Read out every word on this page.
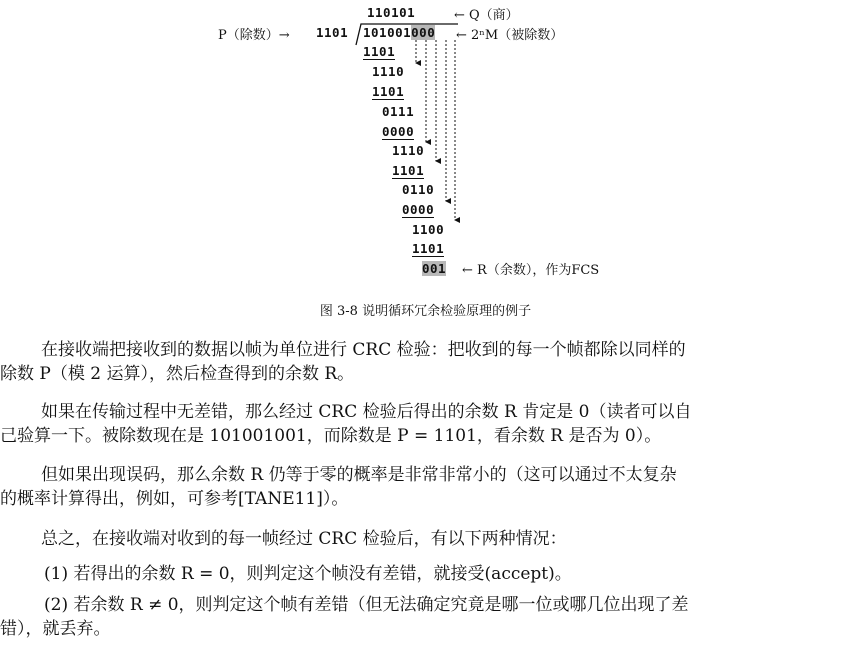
110101	← Q（商）
P（除数）→ 1101 101001000 ← 2ⁿM（被除数）
1101
1110
1101
0111
0000
1110
1101
0110
0000
1100
1101
001 ← R（余数），作为FCS
图 3-8 说明循环冗余检验原理的例子
　在接收端把接收到的数据以帧为单位进行 CRC 检验：把收到的每一个帧都除以同样的
除数 P（模 2 运算），然后检查得到的余数 R。
　如果在传输过程中无差错，那么经过 CRC 检验后得出的余数 R 肯定是 0（读者可以自
己验算一下。被除数现在是 101001001，而除数是 P = 1101，看余数 R 是否为 0）。
　但如果出现误码，那么余数 R 仍等于零的概率是非常非常小的（这可以通过不太复杂
的概率计算得出，例如，可参考[TANE11]）。
　总之，在接收端对收到的每一帧经过 CRC 检验后，有以下两种情况：
(1) 若得出的余数 R = 0，则判定这个帧没有差错，就接受(accept)。
(2) 若余数 R ≠ 0，则判定这个帧有差错（但无法确定究竟是哪一位或哪几位出现了差
错），就丢弃。
